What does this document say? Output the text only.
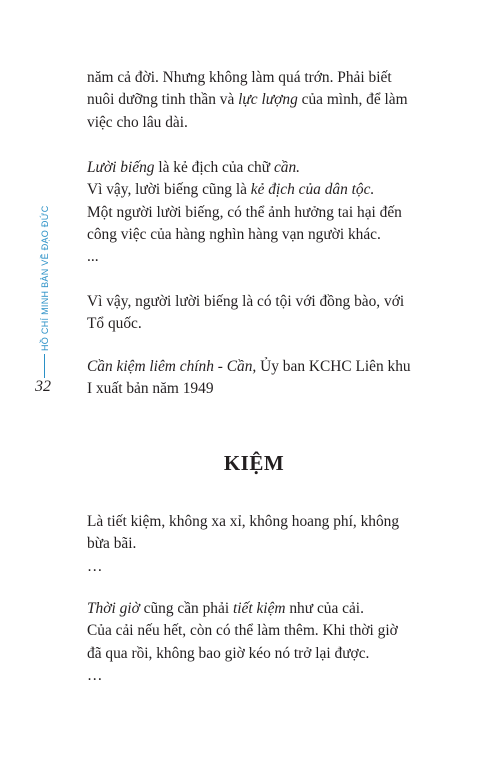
HỒ CHÍ MINH BÀN VỀ ĐẠO ĐỨC
32

năm cả đời. Nhưng không làm quá trớn. Phải biết

nuôi dưỡng tinh thần và lực lượng của mình, để làm

việc cho lâu dài.

Lười biếng là kẻ địch của chữ cần.

Vì vậy, lười biếng cũng là kẻ địch của dân tộc.

Một người lười biếng, có thể ảnh hưởng tai hại đến

công việc của hàng nghìn hàng vạn người khác.

...

Vì vậy, người lười biếng là có tội với đồng bào, với

Tổ quốc.

Cần kiệm liêm chính - Cần, Ủy ban KCHC Liên khu

I xuất bản năm 1949

KIỆM

Là tiết kiệm, không xa xỉ, không hoang phí, không

bừa bãi.

…

Thời giờ cũng cần phải tiết kiệm như của cải.

Của cải nếu hết, còn có thể làm thêm. Khi thời giờ

đã qua rồi, không bao giờ kéo nó trở lại được.

…
